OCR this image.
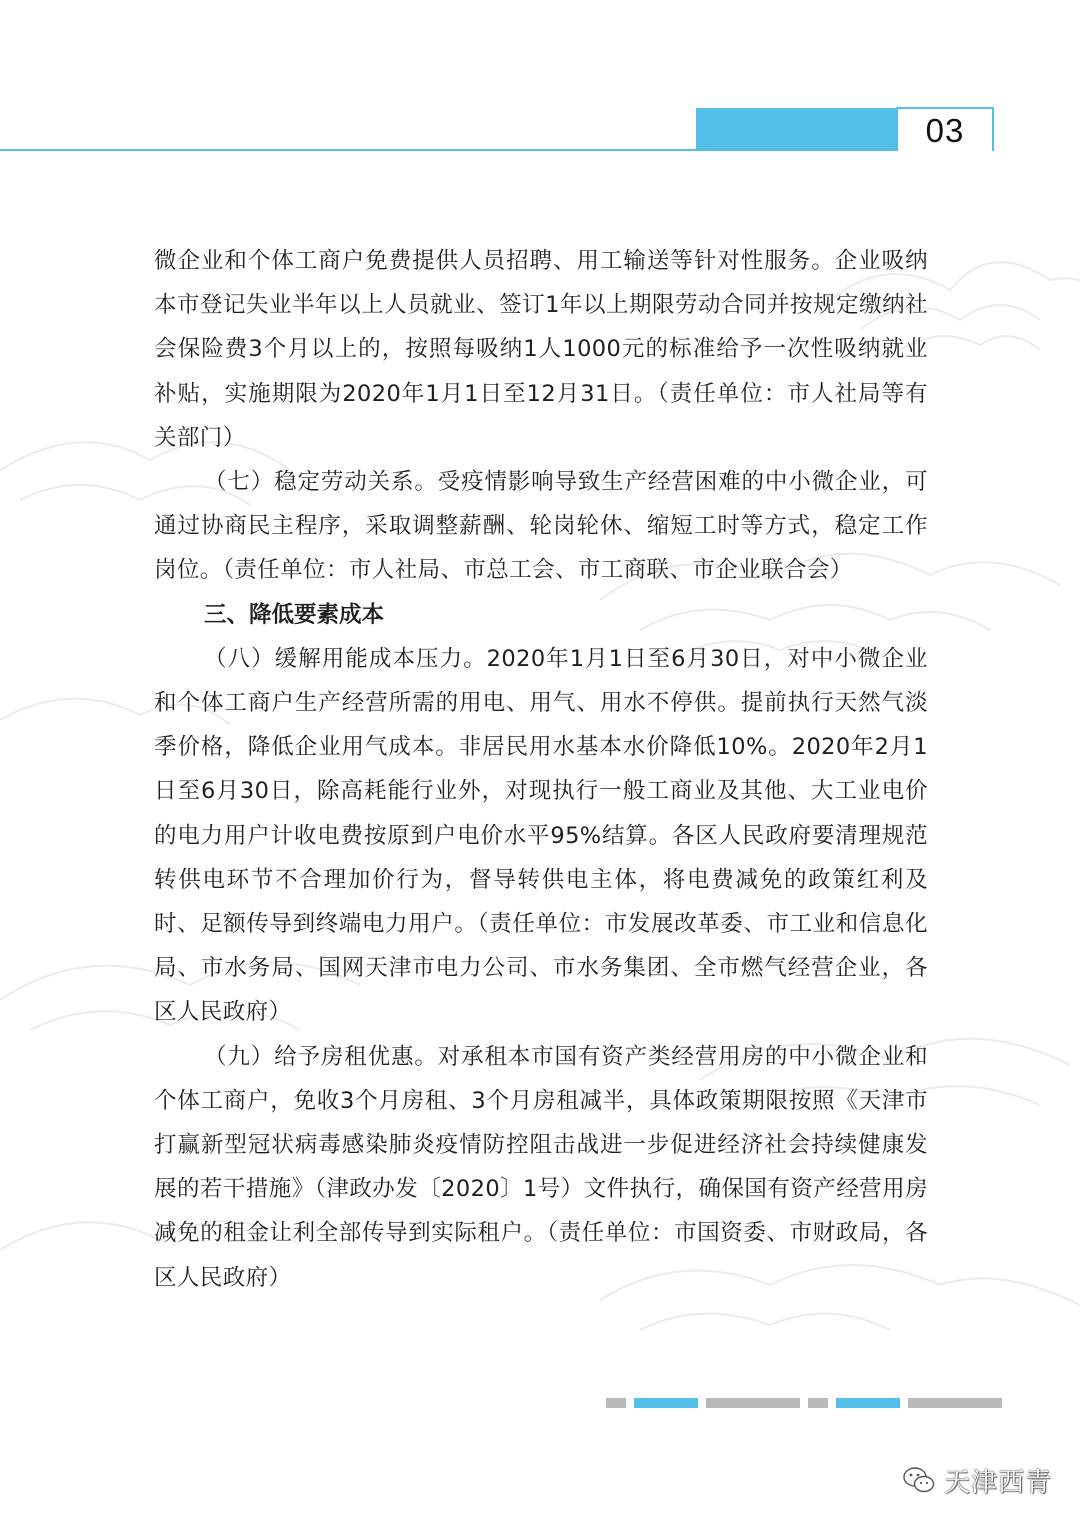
03

微企业和个体工商户免费提供人员招聘、用工输送等针对性服务。企业吸纳本市登记失业半年以上人员就业、签订1年以上期限劳动合同并按规定缴纳社会保险费3个月以上的，按照每吸纳1人1000元的标准给予一次性吸纳就业补贴，实施期限为2020年1月1日至12月31日。（责任单位：市人社局等有关部门）

（七）稳定劳动关系。受疫情影响导致生产经营困难的中小微企业，可通过协商民主程序，采取调整薪酬、轮岗轮休、缩短工时等方式，稳定工作岗位。（责任单位：市人社局、市总工会、市工商联、市企业联合会）

三、降低要素成本

（八）缓解用能成本压力。2020年1月1日至6月30日，对中小微企业和个体工商户生产经营所需的用电、用气、用水不停供。提前执行天然气淡季价格，降低企业用气成本。非居民用水基本水价降低10%。2020年2月1日至6月30日，除高耗能行业外，对现执行一般工商业及其他、大工业电价的电力用户计收电费按原到户电价水平95%结算。各区人民政府要清理规范转供电环节不合理加价行为，督导转供电主体，将电费减免的政策红利及时、足额传导到终端电力用户。（责任单位：市发展改革委、市工业和信息化局、市水务局、国网天津市电力公司、市水务集团、全市燃气经营企业，各区人民政府）

（九）给予房租优惠。对承租本市国有资产类经营用房的中小微企业和个体工商户，免收3个月房租、3个月房租减半，具体政策期限按照《天津市打赢新型冠状病毒感染肺炎疫情防控阻击战进一步促进经济社会持续健康发展的若干措施》（津政办发〔2020〕1号）文件执行，确保国有资产经营用房减免的租金让利全部传导到实际租户。（责任单位：市国资委、市财政局，各区人民政府）

天津西青
